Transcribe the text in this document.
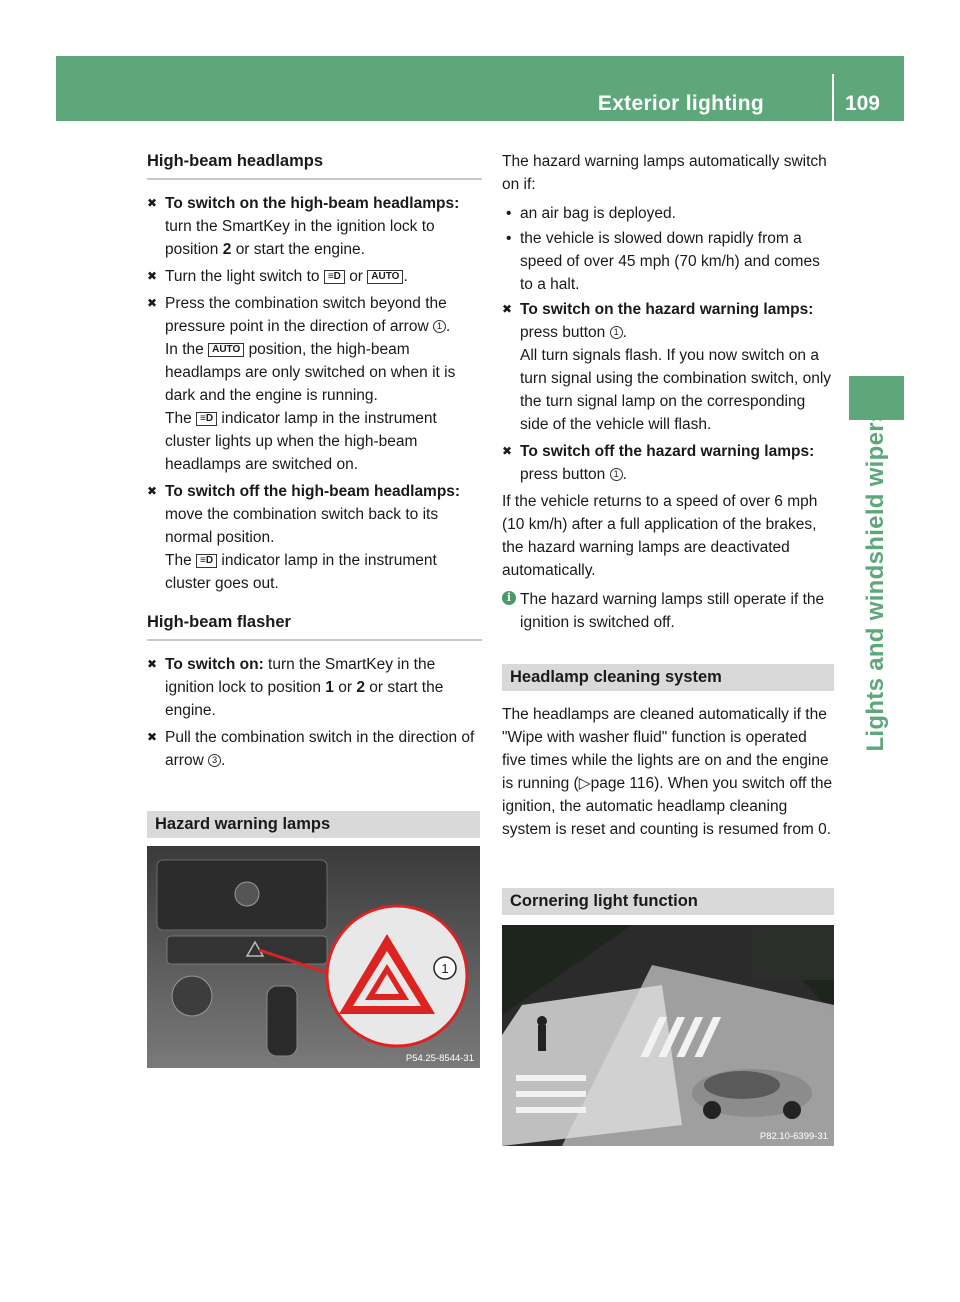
Exterior lighting	109
Lights and windshield wipers
High-beam headlamps
✖ To switch on the high-beam headlamps: turn the SmartKey in the ignition lock to position 2 or start the engine.
✖ Turn the light switch to ≡D or AUTO .
✖ Press the combination switch beyond the pressure point in the direction of arrow 1 .
In the AUTO position, the high-beam headlamps are only switched on when it is dark and the engine is running.
The ≡D indicator lamp in the instrument cluster lights up when the high-beam headlamps are switched on.
✖ To switch off the high-beam headlamps: move the combination switch back to its normal position.
The ≡D indicator lamp in the instrument cluster goes out.
High-beam flasher
✖ To switch on: turn the SmartKey in the ignition lock to position 1 or 2 or start the engine.
✖ Pull the combination switch in the direction of arrow 3 .
Hazard warning lamps
1
P54.25-8544-31
The hazard warning lamps automatically switch on if:
• an air bag is deployed.
• the vehicle is slowed down rapidly from a speed of over 45 mph (70 km/h) and comes to a halt.
✖ To switch on the hazard warning lamps: press button 1 .
All turn signals flash. If you now switch on a turn signal using the combination switch, only the turn signal lamp on the corresponding side of the vehicle will flash.
✖ To switch off the hazard warning lamps: press button 1 .
If the vehicle returns to a speed of over 6 mph (10 km/h) after a full application of the brakes, the hazard warning lamps are deactivated automatically.
i The hazard warning lamps still operate if the ignition is switched off.
Headlamp cleaning system
The headlamps are cleaned automatically if the "Wipe with washer fluid" function is operated five times while the lights are on and the engine is running (▷page 116). When you switch off the ignition, the automatic headlamp cleaning system is reset and counting is resumed from 0.
Cornering light function
P82.10-6399-31
